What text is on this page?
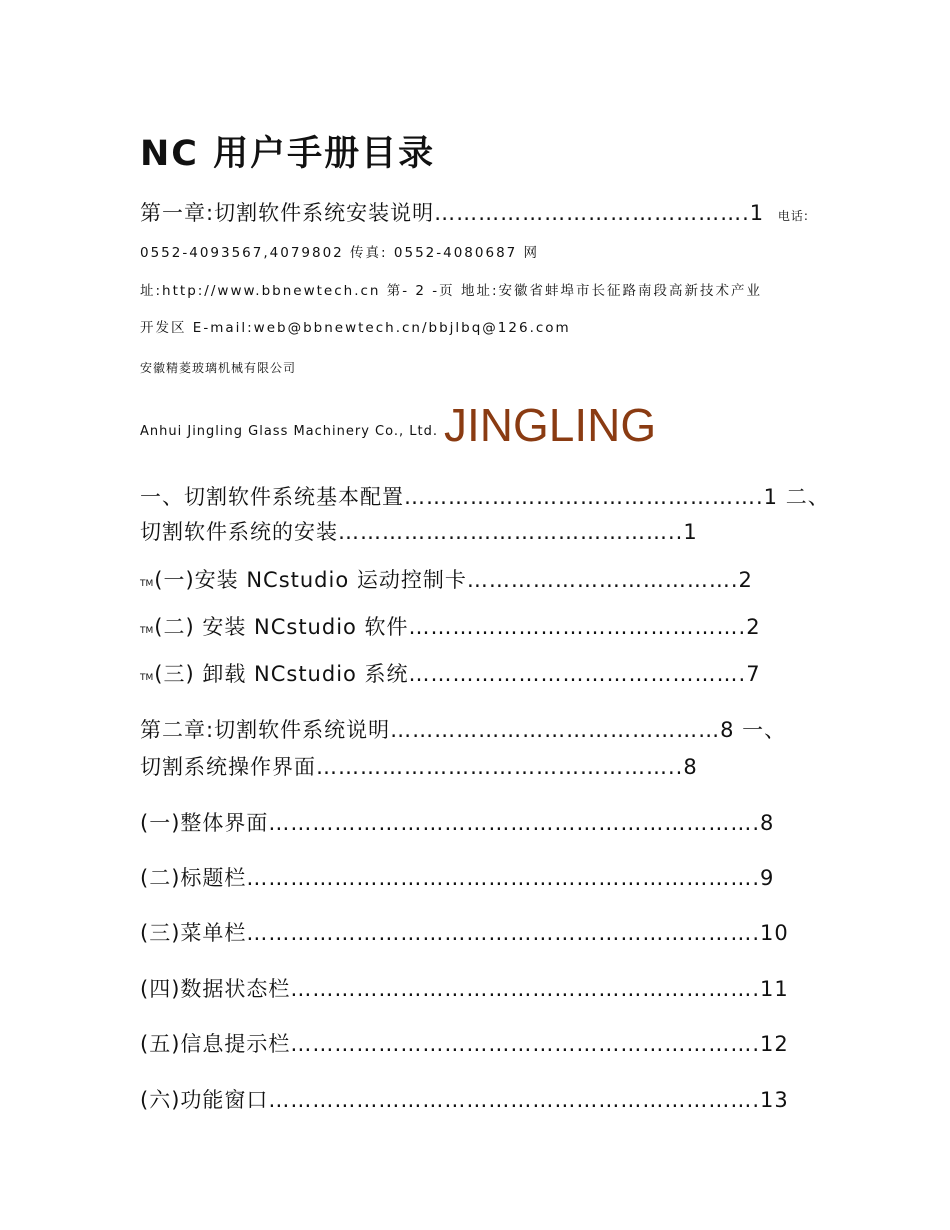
NC 用户手册目录
第一章:切割软件系统安装说明…………………………………….1 电话:
0552-4093567,4079802 传真: 0552-4080687 网
址:http://www.bbnewtech.cn 第- 2 -页 地址:安徽省蚌埠市长征路南段高新技术产业
开发区 E-mail:web@bbnewtech.cn/bbjlbq@126.com
安徽精菱玻璃机械有限公司
Anhui Jingling Glass Machinery Co., Ltd. JINGLING
一、切割软件系统基本配置………………………………………….1 二、
切割软件系统的安装………………………………………..1
TM(一)安装 NCstudio 运动控制卡……………………………….2
TM(二) 安装 NCstudio 软件……………………………………….2
TM(三) 卸载 NCstudio 系统……………………………………….7
第二章:切割软件系统说明………………………………………8 一、
切割系统操作界面…………………………………………..8
(一)整体界面………………………………………………………….8
(二)标题栏…………………………………………………………….9
(三)菜单栏…………………………………………………………….10
(四)数据状态栏……………………………………………………….11
(五)信息提示栏……………………………………………………….12
(六)功能窗口………………………………………………………….13
